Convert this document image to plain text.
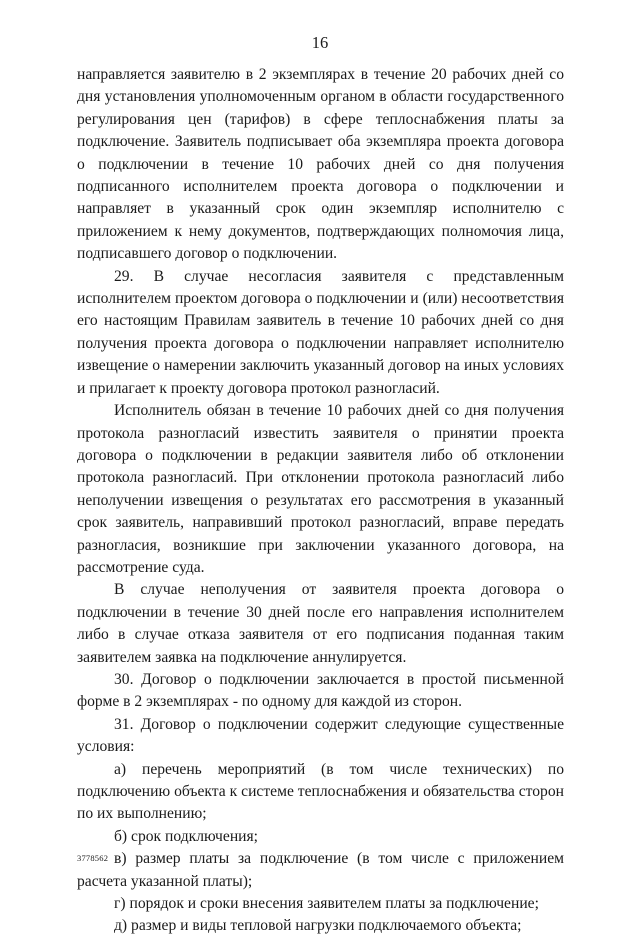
16

направляется заявителю в 2 экземплярах в течение 20 рабочих дней со дня установления уполномоченным органом в области государственного регулирования цен (тарифов) в сфере теплоснабжения платы за подключение. Заявитель подписывает оба экземпляра проекта договора о подключении в течение 10 рабочих дней со дня получения подписанного исполнителем проекта договора о подключении и направляет в указанный срок один экземпляр исполнителю с приложением к нему документов, подтверждающих полномочия лица, подписавшего договор о подключении.

29. В случае несогласия заявителя с представленным исполнителем проектом договора о подключении и (или) несоответствия его настоящим Правилам заявитель в течение 10 рабочих дней со дня получения проекта договора о подключении направляет исполнителю извещение о намерении заключить указанный договор на иных условиях и прилагает к проекту договора протокол разногласий.

Исполнитель обязан в течение 10 рабочих дней со дня получения протокола разногласий известить заявителя о принятии проекта договора о подключении в редакции заявителя либо об отклонении протокола разногласий. При отклонении протокола разногласий либо неполучении извещения о результатах его рассмотрения в указанный срок заявитель, направивший протокол разногласий, вправе передать разногласия, возникшие при заключении указанного договора, на рассмотрение суда.

В случае неполучения от заявителя проекта договора о подключении в течение 30 дней после его направления исполнителем либо в случае отказа заявителя от его подписания поданная таким заявителем заявка на подключение аннулируется.

30. Договор о подключении заключается в простой письменной форме в 2 экземплярах - по одному для каждой из сторон.

31. Договор о подключении содержит следующие существенные условия:

а) перечень мероприятий (в том числе технических) по подключению объекта к системе теплоснабжения и обязательства сторон по их выполнению;

б) срок подключения;

в) размер платы за подключение (в том числе с приложением расчета указанной платы);

г) порядок и сроки внесения заявителем платы за подключение;

д) размер и виды тепловой нагрузки подключаемого объекта;

3778562
